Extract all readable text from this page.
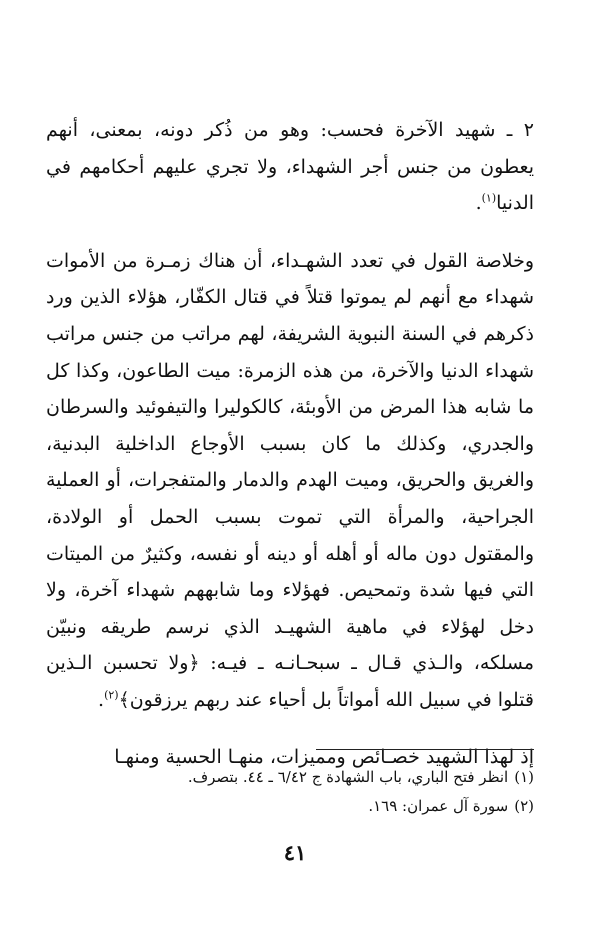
٢ ـ شهيد الآخرة فحسب: وهو من ذُكر دونه، بمعنى، أنهم يعطون من جنس أجر الشهداء، ولا تجري عليهم أحكامهم في الدنيا$^{(١)}$.

وخلاصة القول في تعدد الشهـداء، أن هناك زمـرة من الأموات شهداء مع أنهم لم يموتوا قتلاً في قتال الكفّار، هؤلاء الذين ورد ذكرهم في السنة النبوية الشريفة، لهم مراتب من جنس مراتب شهداء الدنيا والآخرة، من هذه الزمرة: ميت الطاعون، وكذا كل ما شابه هذا المرض من الأوبئة، كالكوليرا والتيفوئيد والسرطان والجدري، وكذلك ما كان بسبب الأوجاع الداخلية البدنية، والغريق والحريق، وميت الهدم والدمار والمتفجرات، أو العملية الجراحية، والمرأة التي تموت بسبب الحمل أو الولادة، والمقتول دون ماله أو أهله أو دينه أو نفسه، وكثيرٌ من الميتات التي فيها شدة وتمحيص. فهؤلاء وما شابههم شهداء آخرة، ولا دخل لهؤلاء في ماهية الشهيـد الذي نرسم طريقه ونبيّن مسلكه، والـذي قـال ـ سبحـانـه ـ فيـه: ﴿ولا تحسبن الـذين قتلوا في سبيل الله أمواتاً بل أحياء عند ربهم يرزقون﴾$^{(٢)}$.

إذ لهذا الشهيد خصـائص ومميزات، منهـا الحسية ومنهـا

(١)انظر فتح الباري، باب الشهادة ج ٦/٤٢ ـ ٤٤. بتصرف.

(٢)سورة آل عمران: ١٦٩.

٤١
